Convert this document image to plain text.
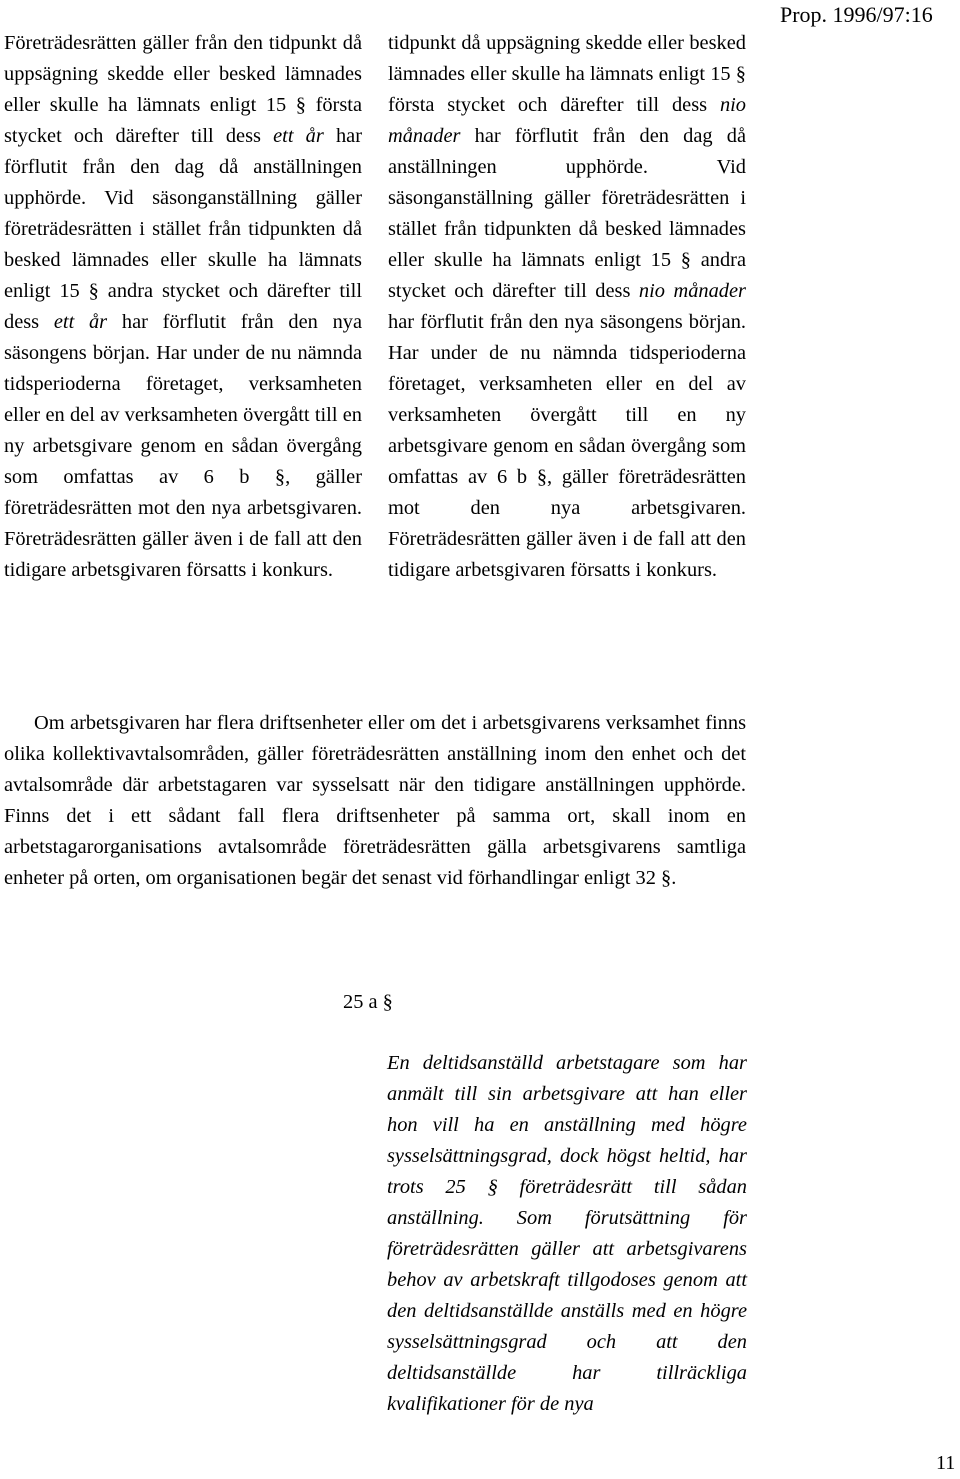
Prop. 1996/97:16

Företrädesrätten gäller från den tidpunkt då uppsägning skedde eller besked lämnades eller skulle ha lämnats enligt 15 § första stycket och därefter till dess ett år har förflutit från den dag då anställningen upphörde. Vid säsonganställning gäller företrädesrätten i stället från tidpunkten då besked lämnades eller skulle ha lämnats enligt 15 § andra stycket och därefter till dess ett år har förflutit från den nya säsongens början. Har under de nu nämnda tidsperioderna företaget, verksamheten eller en del av verksamheten övergått till en ny arbetsgivare genom en sådan övergång som omfattas av 6 b §, gäller företrädesrätten mot den nya arbetsgivaren. Företrädesrätten gäller även i de fall att den tidigare arbetsgivaren försatts i konkurs.

tidpunkt då uppsägning skedde eller besked lämnades eller skulle ha lämnats enligt 15 § första stycket och därefter till dess nio månader har förflutit från den dag då anställningen upphörde. Vid säsonganställning gäller företrädesrätten i stället från tidpunkten då besked lämnades eller skulle ha lämnats enligt 15 § andra stycket och därefter till dess nio månader har förflutit från den nya säsongens början. Har under de nu nämnda tidsperioderna företaget, verksamheten eller en del av verksamheten övergått till en ny arbetsgivare genom en sådan övergång som omfattas av 6 b §, gäller företrädesrätten mot den nya arbetsgivaren. Företrädesrätten gäller även i de fall att den tidigare arbetsgivaren försatts i konkurs.

Om arbetsgivaren har flera driftsenheter eller om det i arbetsgivarens verksamhet finns olika kollektivavtalsområden, gäller företrädesrätten anställning inom den enhet och det avtalsområde där arbetstagaren var sysselsatt när den tidigare anställningen upphörde. Finns det i ett sådant fall flera driftsenheter på samma ort, skall inom en arbetstagarorganisations avtalsområde företrädesrätten gälla arbetsgivarens samtliga enheter på orten, om organisationen begär det senast vid förhandlingar enligt 32 §.
25 a §
En deltidsanställd arbetstagare som har anmält till sin arbetsgivare att han eller hon vill ha en anställning med högre sysselsättningsgrad, dock högst heltid, har trots 25 § företrädesrätt till sådan anställning. Som förutsättning för företrädesrätten gäller att arbetsgivarens behov av arbetskraft tillgodoses genom att den deltidsanställde anställs med en högre sysselsättningsgrad och att den deltidsanställde har tillräckliga kvalifikationer för de nya
11
